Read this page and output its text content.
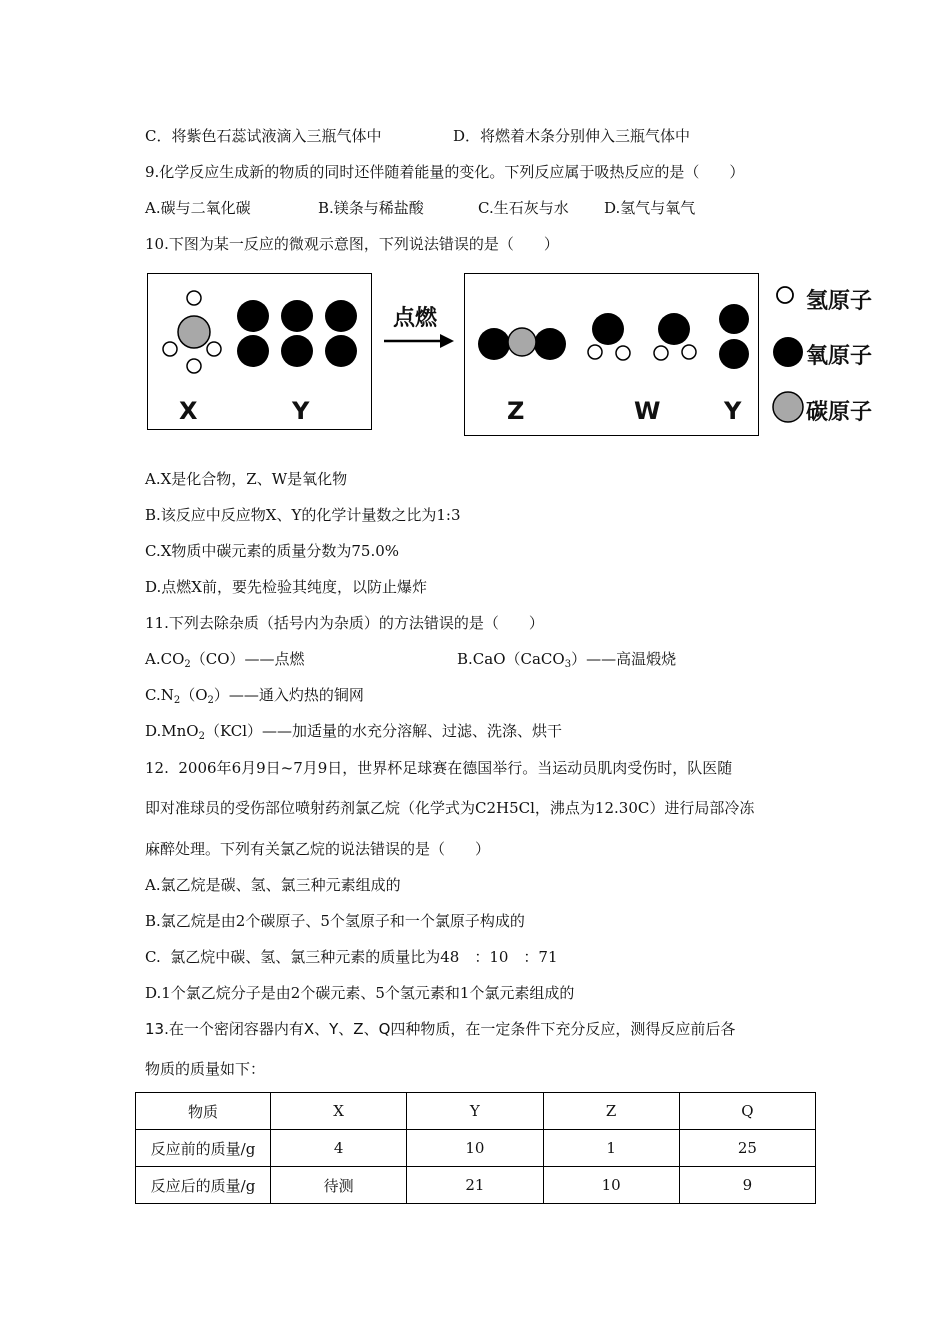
C．将紫色石蕊试液滴入三瓶气体中	D．将燃着木条分别伸入三瓶气体中
9.化学反应生成新的物质的同时还伴随着能量的变化。下列反应属于吸热反应的是（　　）
A.碳与二氧化碳	B.镁条与稀盐酸	C.生石灰与水 D.氢气与氧气
10.下图为某一反应的微观示意图，下列说法错误的是（　　）
X	Y
点燃
Z	W	Y
氢原子
氧原子
碳原子
A.X是化合物，Z、W是氧化物
B.该反应中反应物X、Y的化学计量数之比为1:3
C.X物质中碳元素的质量分数为75.0%
D.点燃X前，要先检验其纯度，以防止爆炸
11.下列去除杂质（括号内为杂质）的方法错误的是（　　）
$A.CO_2(CO)——$点燃	B.CaO（CaCO$_3$）——高温煅烧
$C.N_2(O_2)——$通入灼热的铜网
D.MnO$_2$（KCl）——加适量的水充分溶解、过滤、洗涤、烘干
12.  2006年6月9日~7月9日，世界杯足球赛在德国举行。当运动员肌肉受伤时，队医随
即对准球员的受伤部位喷射药剂氯乙烷（化学式为C2H5Cl，沸点为12.30C）进行局部冷冻
麻醉处理。下列有关氯乙烷的说法错误的是（　　）
A.氯乙烷是碳、氢、氯三种元素组成的
B.氯乙烷是由2个碳原子、5个氢原子和一个氯原子构成的
C.  氯乙烷中碳、氢、氯三种元素的质量比为48　：10　：71
D.1个氯乙烷分子是由2个碳元素、5个氢元素和1个氯元素组成的
13.在一个密闭容器内有X、Y、Z、Q四种物质，在一定条件下充分反应，测得反应前后各
物质的质量如下：
物质	X	Y	Z	Q
反应前的质量/g	4	10	1	25
反应后的质量/g	待测	21	10	9
